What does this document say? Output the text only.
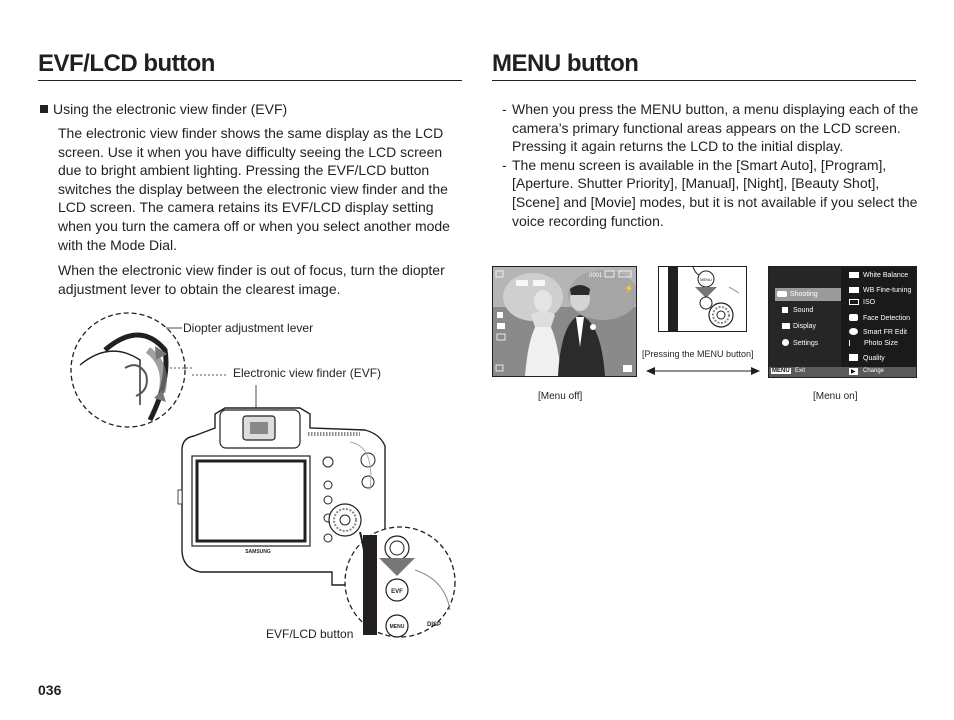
EVF/LCD button
Using the electronic view finder (EVF)
The electronic view finder shows the same display as the LCD screen. Use it when you have difficulty seeing the LCD screen due to bright ambient lighting. Pressing the EVF/LCD button switches the display between the electronic view finder and the LCD screen. The camera retains its EVF/LCD display setting when you turn the camera off or when you select another mode with the Mode Dial.
When the electronic view finder is out of focus, turn the diopter adjustment lever to obtain the clearest image.
Diopter adjustment lever
Electronic view finder (EVF)
EVF/LCD button
SAMSUNG
EVF
MENU	DISP
MENU button
- When you press the MENU button, a menu displaying each of the camera’s primary functional areas appears on the LCD screen. Pressing it again returns the LCD to the initial display.
- The menu screen is available in the [Smart Auto], [Program], [Aperture. Shutter Priority], [Manual], [Night], [Beauty Shot], [Scene] and [Movie] modes, but it is not available if you select the voice recording function.
0001
⚡
MENU
[Pressing the MENU button]
Shooting
Sound
Display
Settings
White Balance
WB Fine-tuning
ISO
Face Detection
Smart FR Edit
Photo Size
Quality
MENU Exit	▶	Change
[Menu off]	[Menu on]
036
